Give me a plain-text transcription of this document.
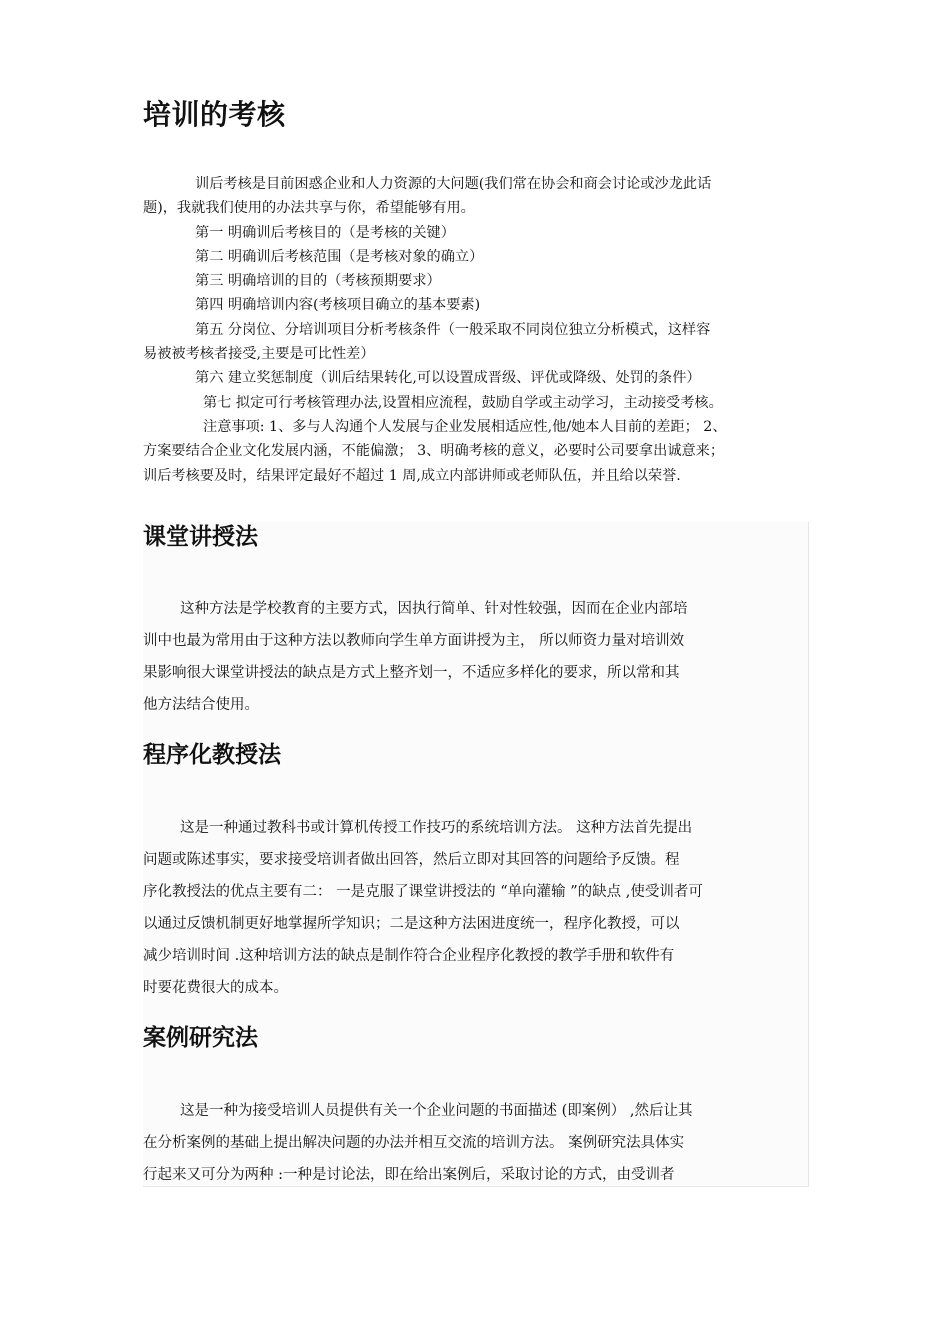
培训的考核

训后考核是目前困惑企业和人力资源的大问题(我们常在协会和商会讨论或沙龙此话

题)，我就我们使用的办法共享与你，希望能够有用。

第一 明确训后考核目的（是考核的关键）

第二 明确训后考核范围（是考核对象的确立）

第三 明确培训的目的（考核预期要求）

第四 明确培训内容(考核项目确立的基本要素)

第五 分岗位、分培训项目分析考核条件（一般采取不同岗位独立分析模式，这样容

易被被考核者接受,主要是可比性差）

第六 建立奖惩制度（训后结果转化,可以设置成晋级、评优或降级、处罚的条件）

第七 拟定可行考核管理办法,设置相应流程，鼓励自学或主动学习，主动接受考核。

注意事项: 1、多与人沟通个人发展与企业发展相适应性,他/她本人目前的差距； 2、

方案要结合企业文化发展内涵，不能偏激； 3、明确考核的意义，必要时公司要拿出诚意来；

训后考核要及时，结果评定最好不超过 1 周,成立内部讲师或老师队伍，并且给以荣誉.

课堂讲授法

这种方法是学校教育的主要方式，因执行简单、针对性较强，因而在企业内部培

训中也最为常用由于这种方法以教师向学生单方面讲授为主， 所以师资力量对培训效

果影响很大课堂讲授法的缺点是方式上整齐划一，不适应多样化的要求，所以常和其

他方法结合使用。

程序化教授法

这是一种通过教科书或计算机传授工作技巧的系统培训方法。 这种方法首先提出

问题或陈述事实，要求接受培训者做出回答，然后立即对其回答的问题给予反馈。程

序化教授法的优点主要有二： 一是克服了课堂讲授法的 “单向灌输 ”的缺点 ,使受训者可

以通过反馈机制更好地掌握所学知识；二是这种方法困进度统一，程序化教授，可以

减少培训时间 .这种培训方法的缺点是制作符合企业程序化教授的教学手册和软件有

时要花费很大的成本。

案例研究法

这是一种为接受培训人员提供有关一个企业问题的书面描述 (即案例） ,然后让其

在分析案例的基础上提出解决问题的办法并相互交流的培训方法。 案例研究法具体实

行起来又可分为两种 :一种是讨论法，即在给出案例后，采取讨论的方式，由受训者
